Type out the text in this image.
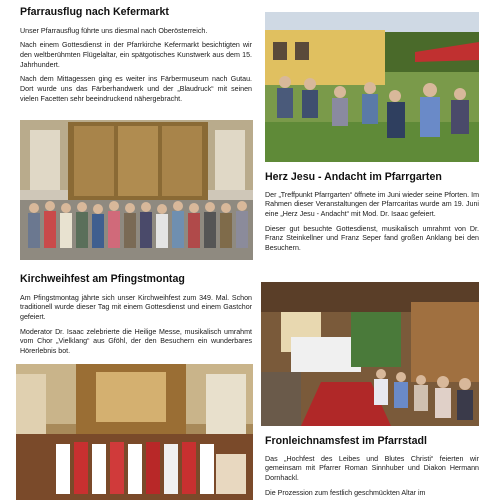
Pfarrausflug nach Kefermarkt

Unser Pfarrausflug führte uns diesmal nach Oberösterreich.

Nach einem Gottesdienst in der Pfarrkirche Kefermarkt besichtigten wir den weltberühmten Flügelaltar, ein spätgotisches Kunstwerk aus dem 15. Jahrhundert.

Nach dem Mittagessen ging es weiter ins Färbermuseum nach Gutau. Dort wurde uns das Färberhandwerk und der „Blaudruck“ mit seinen vielen Facetten sehr beeindruckend nähergebracht.

Kirchweihfest am Pfingstmontag

Am Pfingstmontag jährte sich unser Kirchweihfest zum 349. Mal. Schon traditionell wurde dieser Tag mit einem Gottesdienst und einem Gastchor gefeiert.

Moderator Dr. Isaac zelebrierte die Heilige Messe, musikalisch umrahmt vom Chor „Vielklang“ aus Gföhl, der den Besuchern ein wunderbares Hörerlebnis bot.

Herz Jesu - Andacht im Pfarrgarten

Der „Treffpunkt Pfarrgarten“ öffnete im Juni wieder seine Pforten. Im Rahmen dieser Veranstaltungen der Pfarrcaritas wurde am 19. Juni eine „Herz Jesu - Andacht“ mit Mod. Dr. Isaac gefeiert.

Dieser gut besuchte Gottesdienst, musikalisch umrahmt von Dr. Franz Steinkellner und Franz Seper fand großen Anklang bei den Besuchern.

Fronleichnamsfest im Pfarrstadl

Das „Hochfest des Leibes und Blutes Christi“ feierten wir gemeinsam mit Pfarrer Roman Sinnhuber und Diakon Hermann Dornhackl.

Die Prozession zum festlich geschmückten Altar im
